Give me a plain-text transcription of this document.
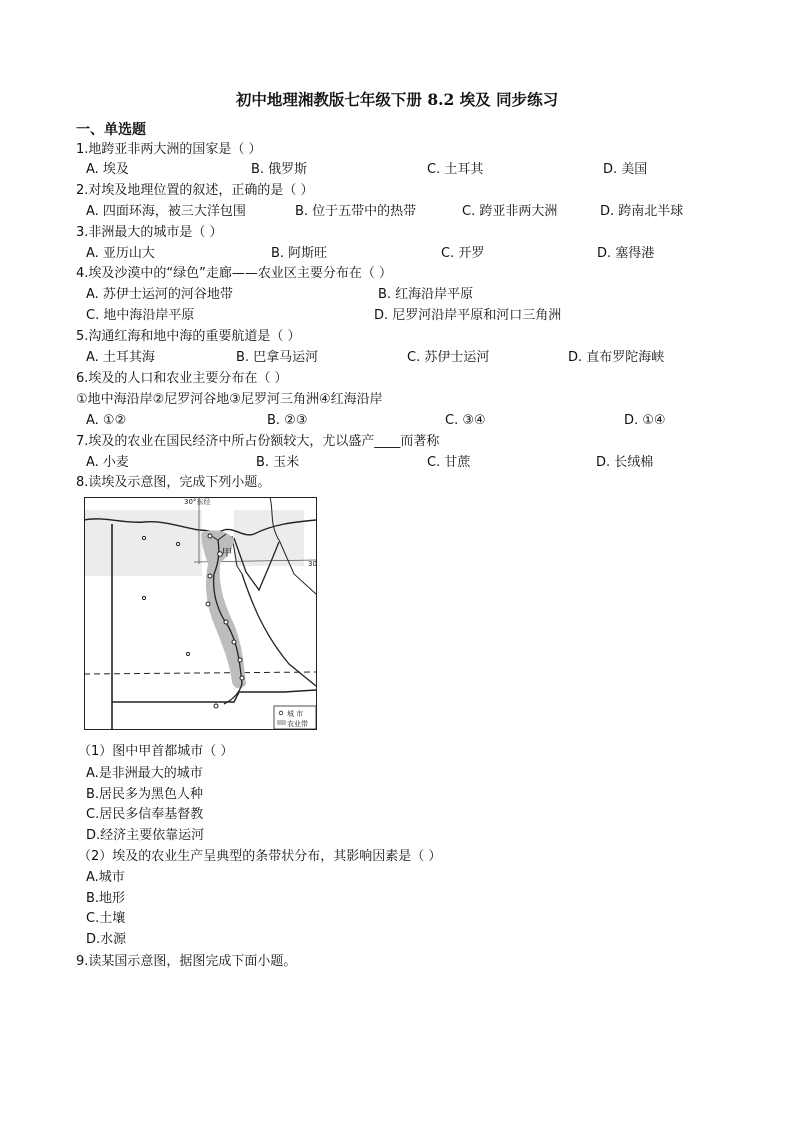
初中地理湘教版七年级下册 8.2 埃及 同步练习
一、单选题
1.地跨亚非两大洲的国家是（ ）
A. 埃及	B. 俄罗斯	C. 土耳其	D. 美国
2.对埃及地理位置的叙述，正确的是（ ）
A. 四面环海，被三大洋包围	B. 位于五带中的热带	C. 跨亚非两大洲	D. 跨南北半球
3.非洲最大的城市是（ ）
A. 亚历山大	B. 阿斯旺	C. 开罗	D. 塞得港
4.埃及沙漠中的“绿色”走廊——农业区主要分布在（ ）
A. 苏伊士运河的河谷地带	B. 红海沿岸平原
C. 地中海沿岸平原	D. 尼罗河沿岸平原和河口三角洲
5.沟通红海和地中海的重要航道是（ ）
A. 土耳其海	B. 巴拿马运河	C. 苏伊士运河	D. 直布罗陀海峡
6.埃及的人口和农业主要分布在（ ）
①地中海沿岸②尼罗河谷地③尼罗河三角洲④红海沿岸
A. ①②	B. ②③	C. ③④	D. ①④
7.埃及的农业在国民经济中所占份额较大，尤以盛产____而著称
A. 小麦	B. 玉米	C. 甘蔗	D. 长绒棉
8.读埃及示意图，完成下列小题。
30°东经
30
甲
城 市
农业带
（1）图中甲首都城市（ ）
A.是非洲最大的城市
B.居民多为黑色人种
C.居民多信奉基督教
D.经济主要依靠运河
（2）埃及的农业生产呈典型的条带状分布，其影响因素是（ ）
A.城市
B.地形
C.土壤
D.水源
9.读某国示意图，据图完成下面小题。
